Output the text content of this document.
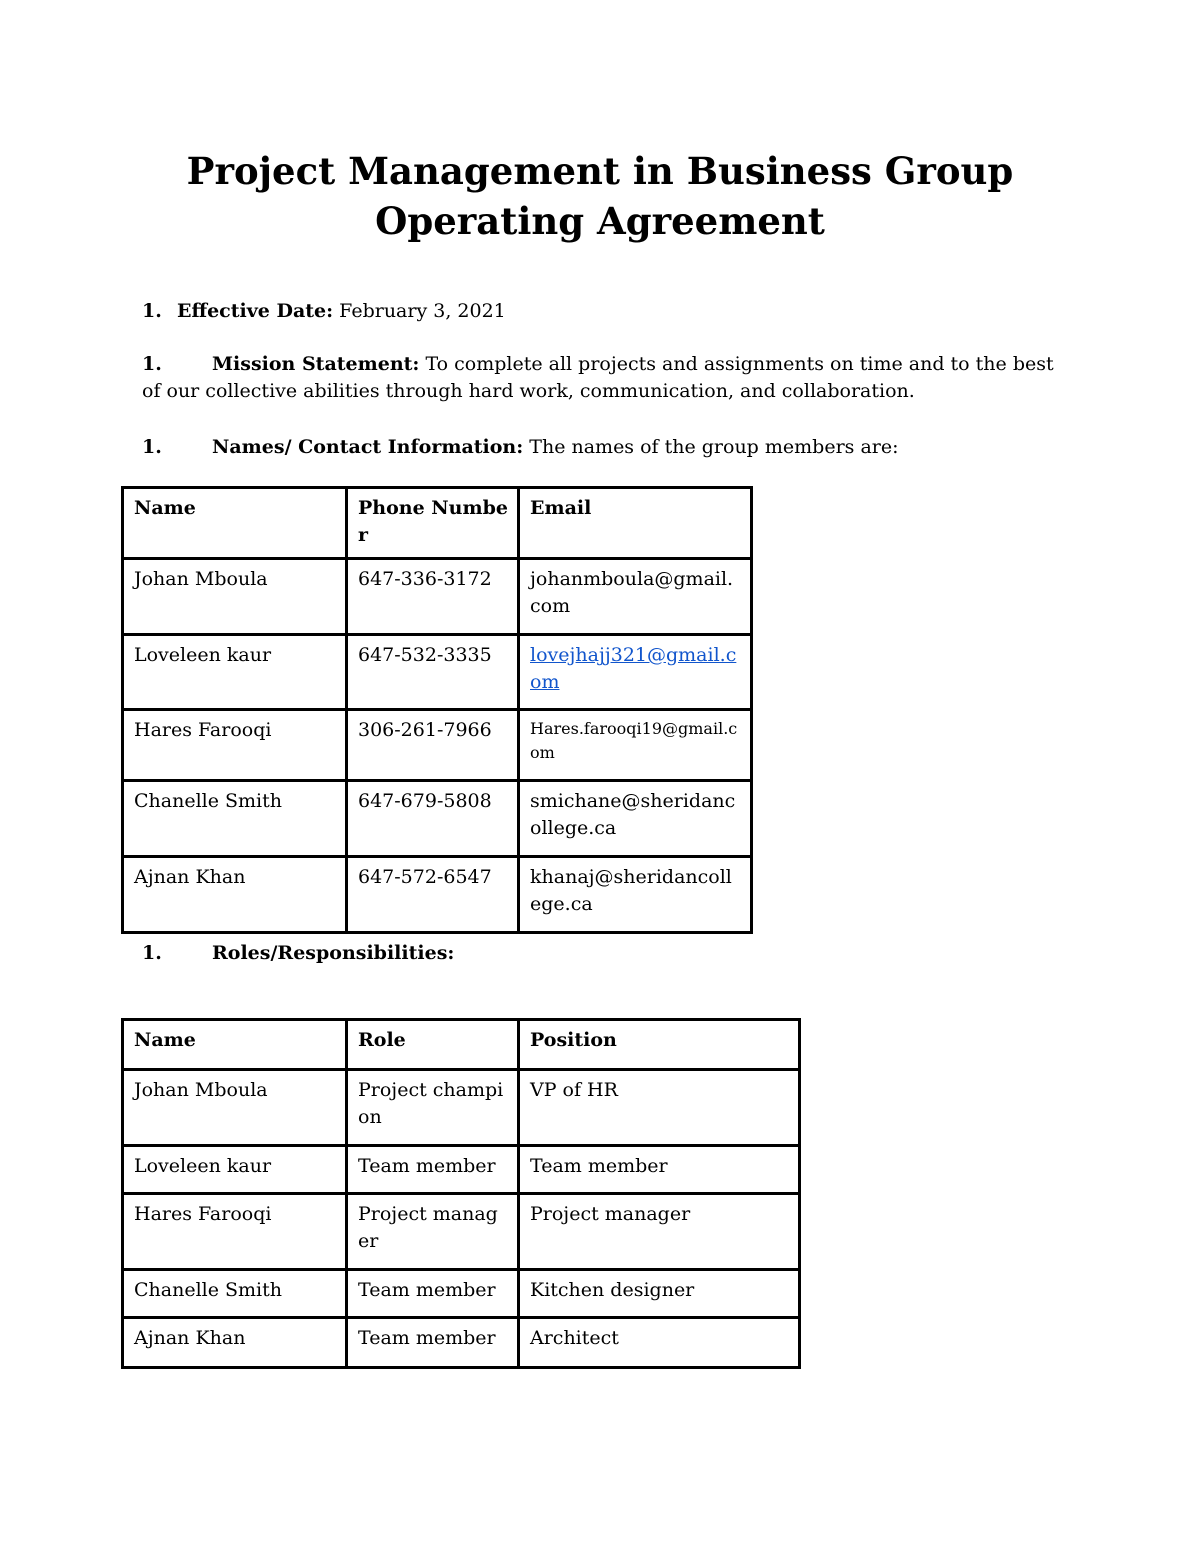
Project Management in Business Group
Operating Agreement
1. Effective Date: February 3, 2021
1.	Mission Statement: To complete all projects and assignments on time and to the best of our collective abilities through hard work, communication, and collaboration.
1.	Names/ Contact Information: The names of the group members are:
Name	Phone Number	Email
Johan Mboula	647-336-3172	johanmboula@gmail.com
Loveleen kaur	647-532-3335	lovejhajj321@gmail.com
Hares Farooqi	306-261-7966	Hares.farooqi19@gmail.com
Chanelle Smith	647-679-5808	smichane@sheridancollege.ca
Ajnan Khan	647-572-6547	khanaj@sheridancollege.ca
1.	Roles/Responsibilities:
Name	Role	Position
Johan Mboula	Project champion	VP of HR
Loveleen kaur	Team member	Team member
Hares Farooqi	Project manager	Project manager
Chanelle Smith	Team member	Kitchen designer
Ajnan Khan	Team member	Architect
